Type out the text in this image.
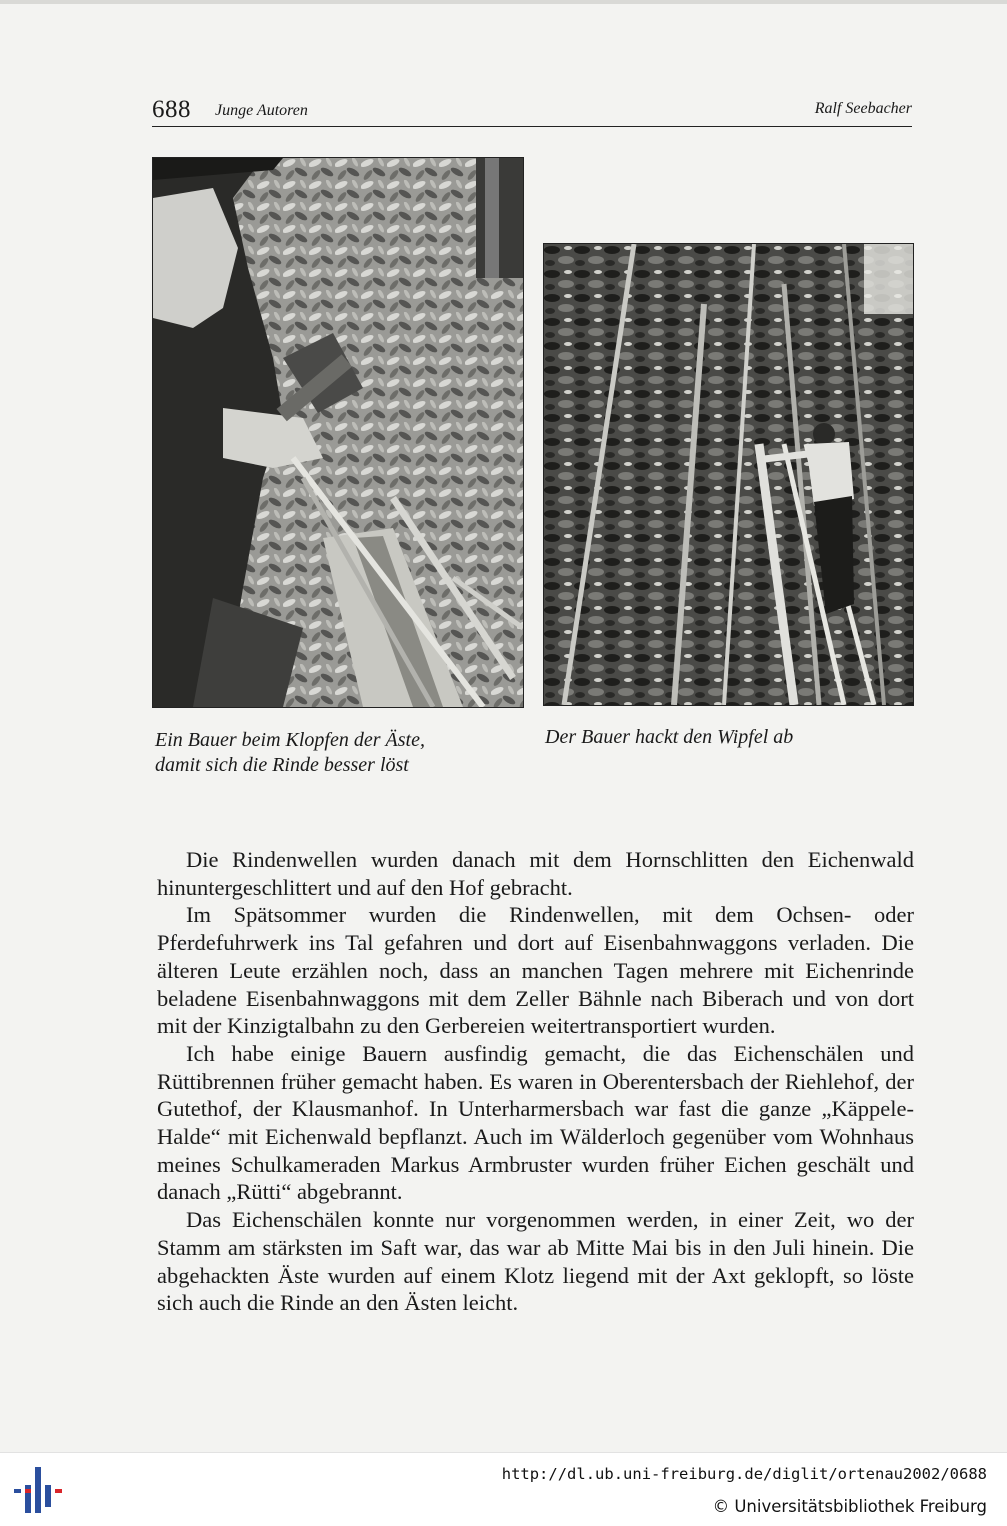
688 Junge Autoren	Ralf Seebacher

Ein Bauer beim Klopfen der Äste,
damit sich die Rinde besser löst

Der Bauer hackt den Wipfel ab

Die Rindenwellen wurden danach mit dem Hornschlitten den Eichenwald hinuntergeschlittert und auf den Hof gebracht.

Im Spätsommer wurden die Rindenwellen, mit dem Ochsen- oder Pferdefuhrwerk ins Tal gefahren und dort auf Eisenbahnwaggons verladen. Die älteren Leute erzählen noch, dass an manchen Tagen mehrere mit Eichenrinde beladene Eisenbahnwaggons mit dem Zeller Bähnle nach Biberach und von dort mit der Kinzigtalbahn zu den Gerbereien weitertransportiert wurden.

Ich habe einige Bauern ausfindig gemacht, die das Eichenschälen und Rüttibrennen früher gemacht haben. Es waren in Oberentersbach der Riehlehof, der Gutethof, der Klausmanhof. In Unterharmersbach war fast die ganze „Käppele-Halde“ mit Eichenwald bepflanzt. Auch im Wälderloch gegenüber vom Wohnhaus meines Schulkameraden Markus Armbruster wurden früher Eichen geschält und danach „Rütti“ abgebrannt.

Das Eichenschälen konnte nur vorgenommen werden, in einer Zeit, wo der Stamm am stärksten im Saft war, das war ab Mitte Mai bis in den Juli hinein. Die abgehackten Äste wurden auf einem Klotz liegend mit der Axt geklopft, so löste sich auch die Rinde an den Ästen leicht.

http://dl.ub.uni-freiburg.de/diglit/ortenau2002/0688
© Universitätsbibliothek Freiburg
